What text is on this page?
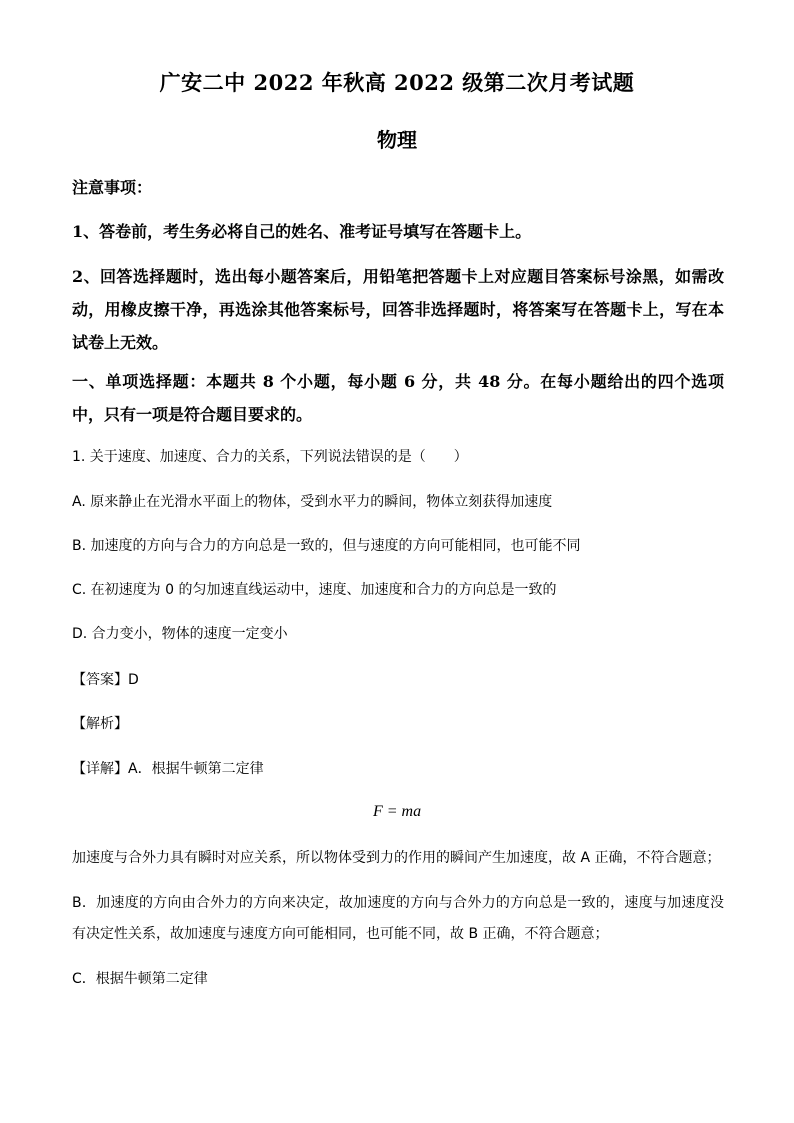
广安二中 2022 年秋高 2022 级第二次月考试题
物理
注意事项：
1、答卷前，考生务必将自己的姓名、准考证号填写在答题卡上。
2、回答选择题时，选出每小题答案后，用铅笔把答题卡上对应题目答案标号涂黑，如需改动，用橡皮擦干净，再选涂其他答案标号，回答非选择题时，将答案写在答题卡上，写在本试卷上无效。
一、单项选择题：本题共 8 个小题，每小题 6 分，共 48 分。在每小题给出的四个选项中，只有一项是符合题目要求的。
1. 关于速度、加速度、合力的关系，下列说法错误的是（　　）
A. 原来静止在光滑水平面上的物体，受到水平力的瞬间，物体立刻获得加速度
B. 加速度的方向与合力的方向总是一致的，但与速度的方向可能相同，也可能不同
C. 在初速度为 0 的匀加速直线运动中，速度、加速度和合力的方向总是一致的
D. 合力变小，物体的速度一定变小
【答案】D
【解析】
【详解】A．根据牛顿第二定律
F = ma
加速度与合外力具有瞬时对应关系，所以物体受到力的作用的瞬间产生加速度，故 A 正确，不符合题意；
B．加速度的方向由合外力的方向来决定，故加速度的方向与合外力的方向总是一致的，速度与加速度没有决定性关系，故加速度与速度方向可能相同，也可能不同，故 B 正确，不符合题意；
C．根据牛顿第二定律
